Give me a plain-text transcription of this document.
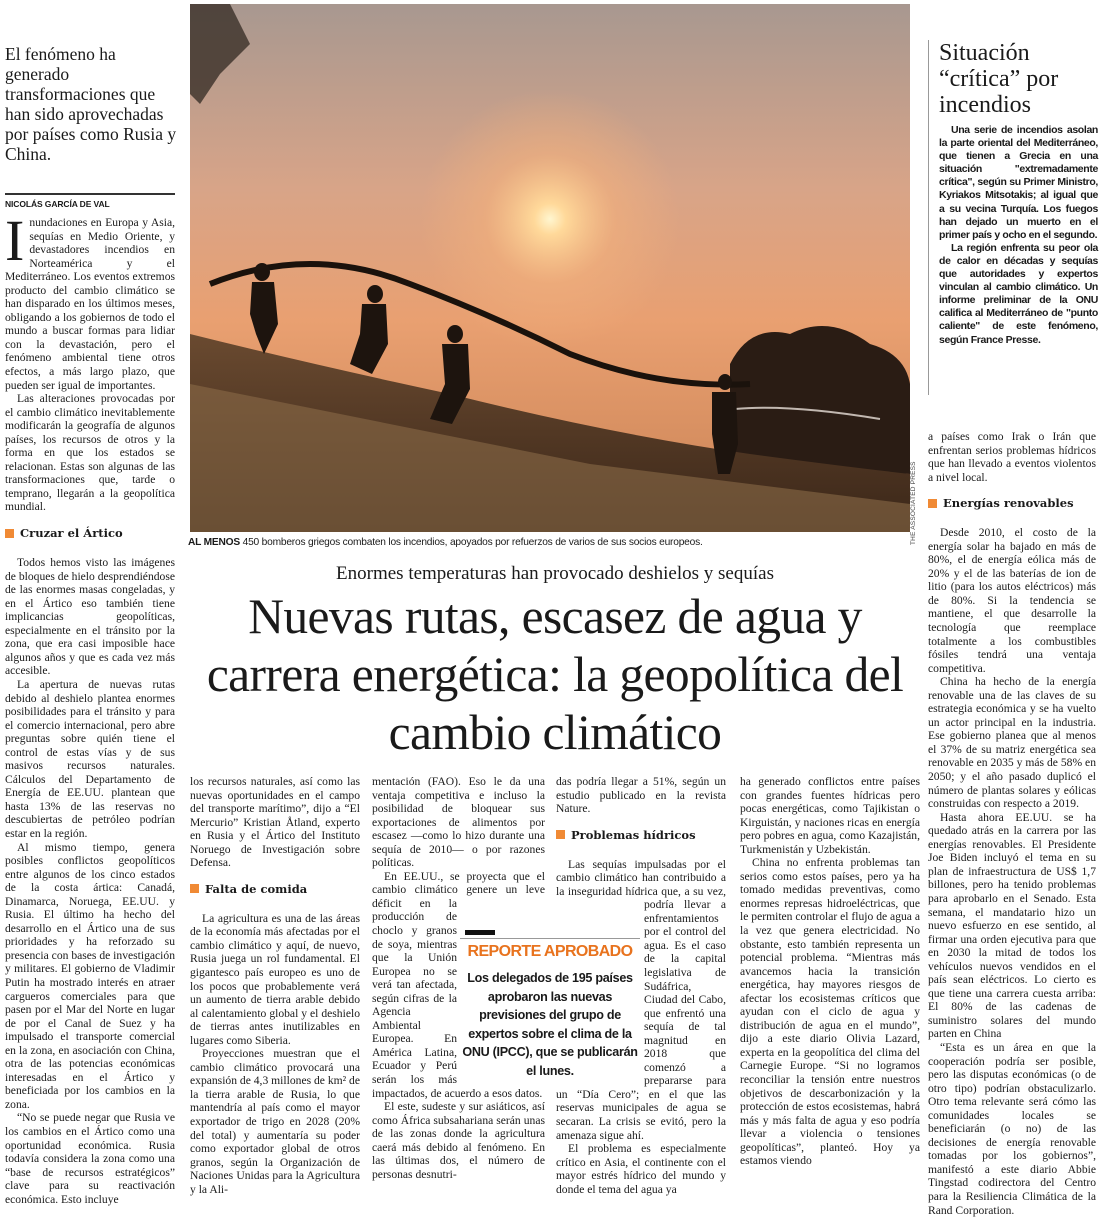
El fenómeno ha generado transformaciones que han sido aprovechadas por países como Rusia y China.
NICOLÁS GARCÍA DE VAL

Inundaciones en Europa y Asia, sequías en Medio Oriente, y devastadores incendios en Norteamérica y el Mediterráneo. Los eventos extremos producto del cambio climático se han disparado en los últimos meses, obligando a los gobiernos de todo el mundo a buscar formas para lidiar con la devastación, pero el fenómeno ambiental tiene otros efectos, a más largo plazo, que pueden ser igual de importantes.

Las alteraciones provocadas por el cambio climático inevitablemente modificarán la geografía de algunos países, los recursos de otros y la forma en que los estados se relacionan. Estas son algunas de las transformaciones que, tarde o temprano, llegarán a la geopolítica mundial.

Cruzar el Ártico

Todos hemos visto las imágenes de bloques de hielo desprendiéndose de las enormes masas congeladas, y en el Ártico eso también tiene implicancias geopolíticas, especialmente en el tránsito por la zona, que era casi imposible hace algunos años y que es cada vez más accesible.

La apertura de nuevas rutas debido al deshielo plantea enormes posibilidades para el tránsito y para el comercio internacional, pero abre preguntas sobre quién tiene el control de estas vías y de sus masivos recursos naturales. Cálculos del Departamento de Energía de EE.UU. plantean que hasta 13% de las reservas no descubiertas de petróleo podrían estar en la región.

Al mismo tiempo, genera posibles conflictos geopolíticos entre algunos de los cinco estados de la costa ártica: Canadá, Dinamarca, Noruega, EE.UU. y Rusia. El último ha hecho del desarrollo en el Ártico una de sus prioridades y ha reforzado su presencia con bases de investigación y militares. El gobierno de Vladimir Putin ha mostrado interés en atraer cargueros comerciales para que pasen por el Mar del Norte en lugar de por el Canal de Suez y ha impulsado el transporte comercial en la zona, en asociación con China, otra de las potencias económicas interesadas en el Ártico y beneficiada por los cambios en la zona.

“No se puede negar que Rusia ve los cambios en el Ártico como una oportunidad económica. Rusia todavía considera la zona como una “base de recursos estratégicos” clave para su reactivación económica. Esto incluye

THE ASSOCIATED PRESS
AL MENOS 450 bomberos griegos combaten los incendios, apoyados por refuerzos de varios de sus socios europeos.
Enormes temperaturas han provocado deshielos y sequías
Nuevas rutas, escasez de agua y carrera energética: la geopolítica del cambio climático

los recursos naturales, así como las nuevas oportunidades en el campo del transporte marítimo”, dijo a “El Mercurio” Kristian Åtland, experto en Rusia y el Ártico del Instituto Noruego de Investigación sobre Defensa.

Falta de comida

La agricultura es una de las áreas de la economía más afectadas por el cambio climático y aquí, de nuevo, Rusia juega un rol fundamental. El gigantesco país europeo es uno de los pocos que probablemente verá un aumento de tierra arable debido al calentamiento global y el deshielo de tierras antes inutilizables en lugares como Siberia.

Proyecciones muestran que el cambio climático provocará una expansión de 4,3 millones de km² de la tierra arable de Rusia, lo que mantendría al país como el mayor exportador de trigo en 2028 (20% del total) y aumentaría su poder como exportador global de otros granos, según la Organización de Naciones Unidas para la Agricultura y la Ali-

mentación (FAO). Eso le da una ventaja competitiva e incluso la posibilidad de bloquear sus exportaciones de alimentos por escasez —como lo hizo durante una sequía de 2010— o por razones políticas.

En EE.UU., se proyecta que el cambio climático genere un leve déficit en la producción de choclo y granos de soya, mientras que la Unión Europea no se verá tan afectada, según cifras de la Agencia Ambiental Europea. En América Latina, Ecuador y Perú serán los más impactados, de acuerdo a esos datos.

El este, sudeste y sur asiáticos, así como África subsahariana serán unas de las zonas donde la agricultura caerá más debido al fenómeno. En las últimas dos, el número de personas desnutri-

das podría llegar a 51%, según un estudio publicado en la revista Nature.

Problemas hídricos

Las sequías impulsadas por el cambio climático han contribuido a la inseguridad hídrica que, a su vez, podría llevar a enfrentamientos por el control del agua. Es el caso de la capital legislativa de Sudáfrica, Ciudad del Cabo, que enfrentó una sequía de tal magnitud en 2018 que comenzó a prepararse para un “Día Cero”; en el que las reservas municipales de agua se secaran. La crisis se evitó, pero la amenaza sigue ahí.

El problema es especialmente crítico en Asia, el continente con el mayor estrés hídrico del mundo y donde el tema del agua ya

ha generado conflictos entre países con grandes fuentes hídricas pero pocas energéticas, como Tajikistan o Kirguistán, y naciones ricas en energía pero pobres en agua, como Kazajistán, Turkmenistán y Uzbekistán.

China no enfrenta problemas tan serios como estos países, pero ya ha tomado medidas preventivas, como enormes represas hidroeléctricas, que le permiten controlar el flujo de agua a la vez que genera electricidad. No obstante, esto también representa un potencial problema. “Mientras más avancemos hacia la transición energética, hay mayores riesgos de afectar los ecosistemas críticos que ayudan con el ciclo de agua y distribución de agua en el mundo”, dijo a este diario Olivia Lazard, experta en la geopolítica del clima del Carnegie Europe. “Si no logramos reconciliar la tensión entre nuestros objetivos de descarbonización y la protección de estos ecosistemas, habrá más y más falta de agua y eso podría llevar a violencia o tensiones geopolíticas”, planteó. Hoy ya estamos viendo

REPORTE APROBADO
Los delegados de 195 países aprobaron las nuevas previsiones del grupo de expertos sobre el clima de la ONU (IPCC), que se publicarán el lunes.
Situación “crítica” por incendios

Una serie de incendios asolan la parte oriental del Mediterráneo, que tienen a Grecia en una situación "extremadamente crítica", según su Primer Ministro, Kyriakos Mitsotakis; al igual que a su vecina Turquía. Los fuegos han dejado un muerto en el primer país y ocho en el segundo.

La región enfrenta su peor ola de calor en décadas y sequías que autoridades y expertos vinculan al cambio climático. Un informe preliminar de la ONU califica al Mediterráneo de "punto caliente" de este fenómeno, según France Presse.

a países como Irak o Irán que enfrentan serios problemas hídricos que han llevado a eventos violentos a nivel local.

Energías renovables

Desde 2010, el costo de la energía solar ha bajado en más de 80%, el de energía eólica más de 20% y el de las baterías de ion de litio (para los autos eléctricos) más de 80%. Si la tendencia se mantiene, el que desarrolle la tecnología que reemplace totalmente a los combustibles fósiles tendrá una ventaja competitiva.

China ha hecho de la energía renovable una de las claves de su estrategia económica y se ha vuelto un actor principal en la industria. Ese gobierno planea que al menos el 37% de su matriz energética sea renovable en 2035 y más de 58% en 2050; y el año pasado duplicó el número de plantas solares y eólicas construidas con respecto a 2019.

Hasta ahora EE.UU. se ha quedado atrás en la carrera por las energías renovables. El Presidente Joe Biden incluyó el tema en su plan de infraestructura de US$ 1,7 billones, pero ha tenido problemas para aprobarlo en el Senado. Esta semana, el mandatario hizo un nuevo esfuerzo en ese sentido, al firmar una orden ejecutiva para que en 2030 la mitad de todos los vehículos nuevos vendidos en el país sean eléctricos. Lo cierto es que tiene una carrera cuesta arriba: El 80% de las cadenas de suministro solares del mundo parten en China

“Esta es un área en que la cooperación podría ser posible, pero las disputas económicas (o de otro tipo) podrían obstaculizarlo. Otro tema relevante será cómo las comunidades locales se beneficiarán (o no) de las decisiones de energía renovable tomadas por los gobiernos”, manifestó a este diario Abbie Tingstad codirectora del Centro para la Resiliencia Climática de la Rand Corporation.
